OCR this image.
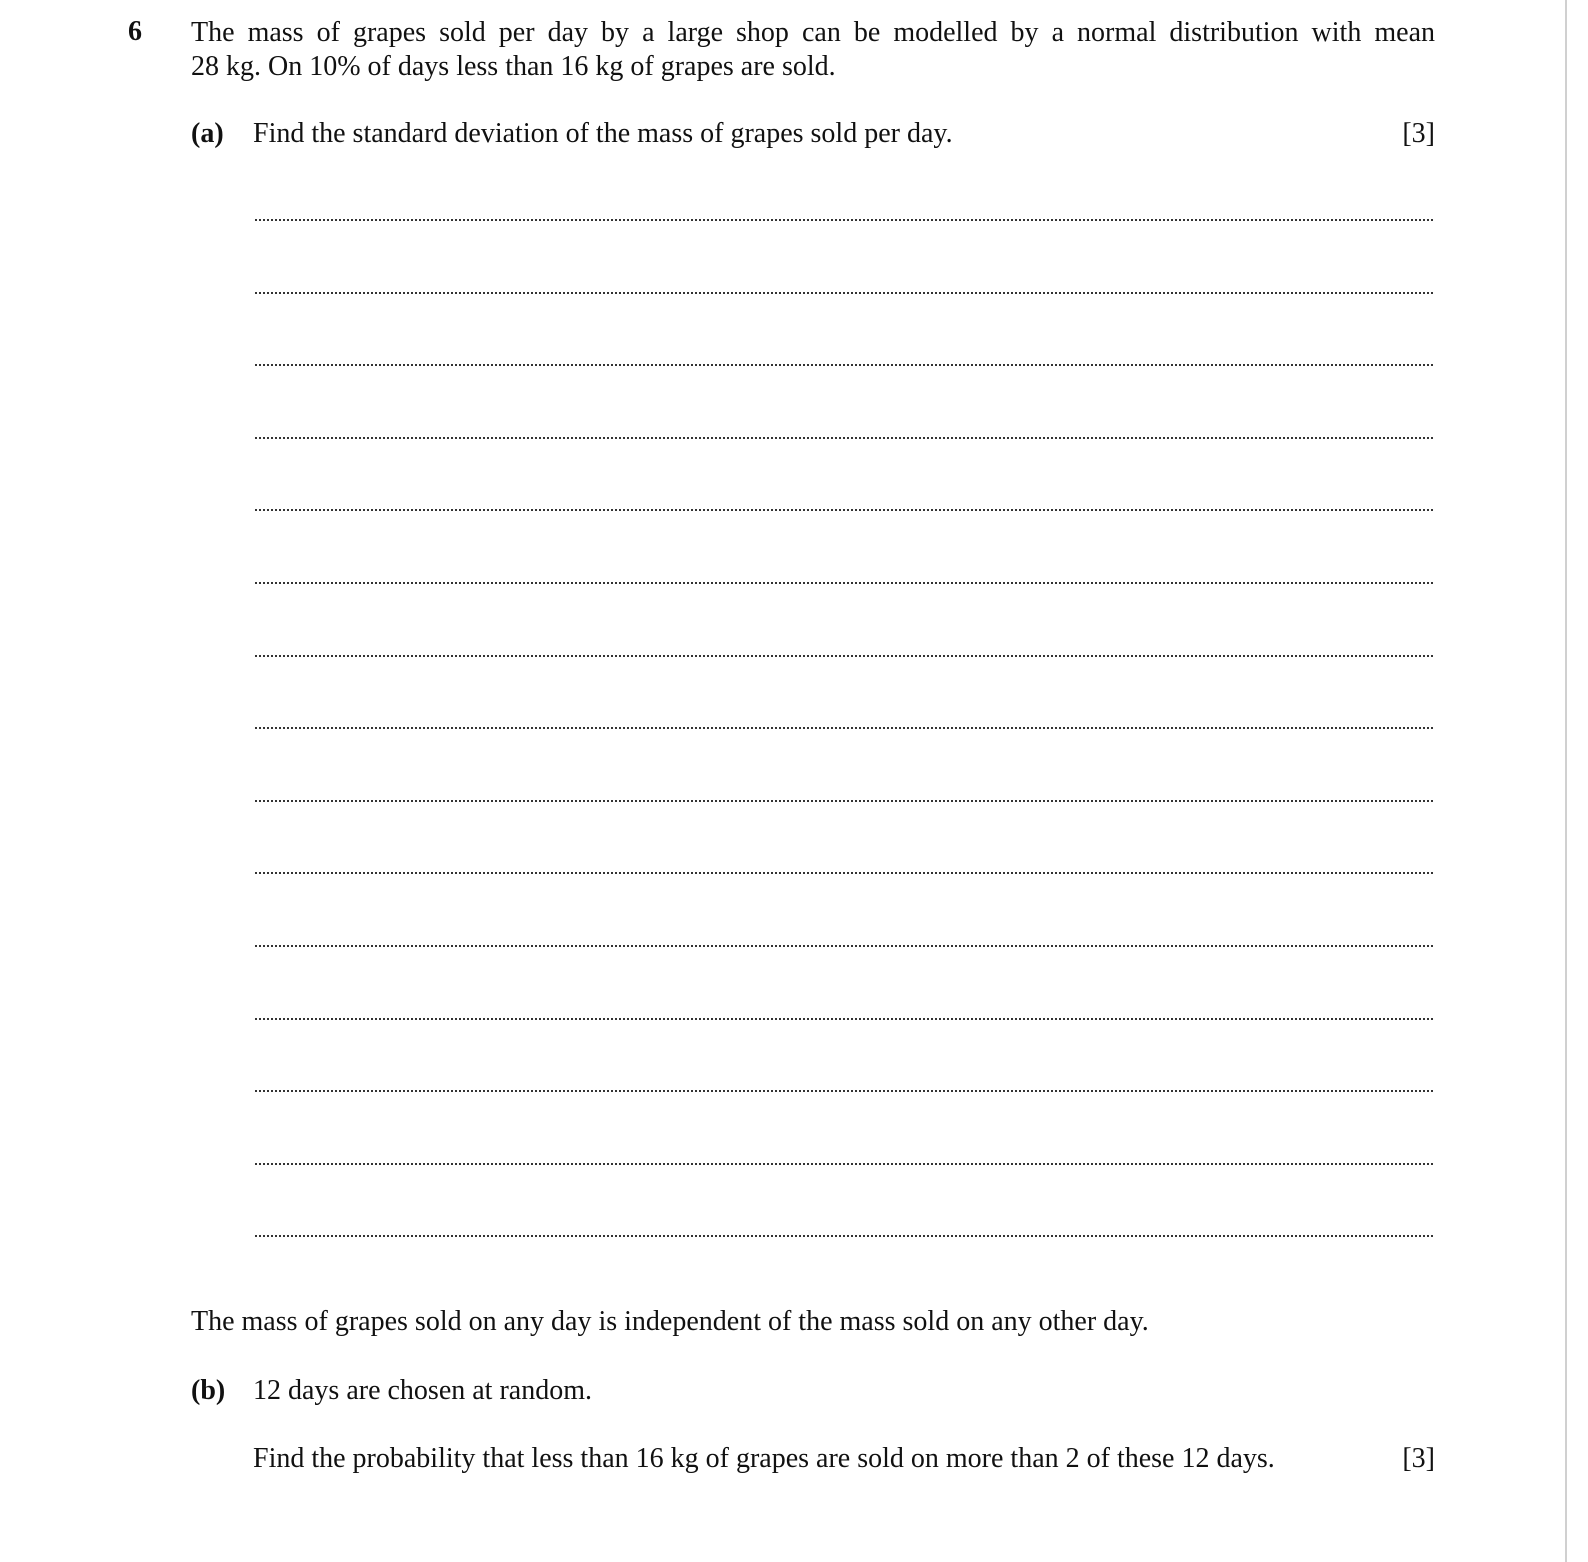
6 The mass of grapes sold per day by a large shop can be modelled by a normal distribution with mean
28 kg. On 10% of days less than 16 kg of grapes are sold.
(a) Find the standard deviation of the mass of grapes sold per day.	[3]
The mass of grapes sold on any day is independent of the mass sold on any other day.
(b) 12 days are chosen at random.
Find the probability that less than 16 kg of grapes are sold on more than 2 of these 12 days.	[3]
